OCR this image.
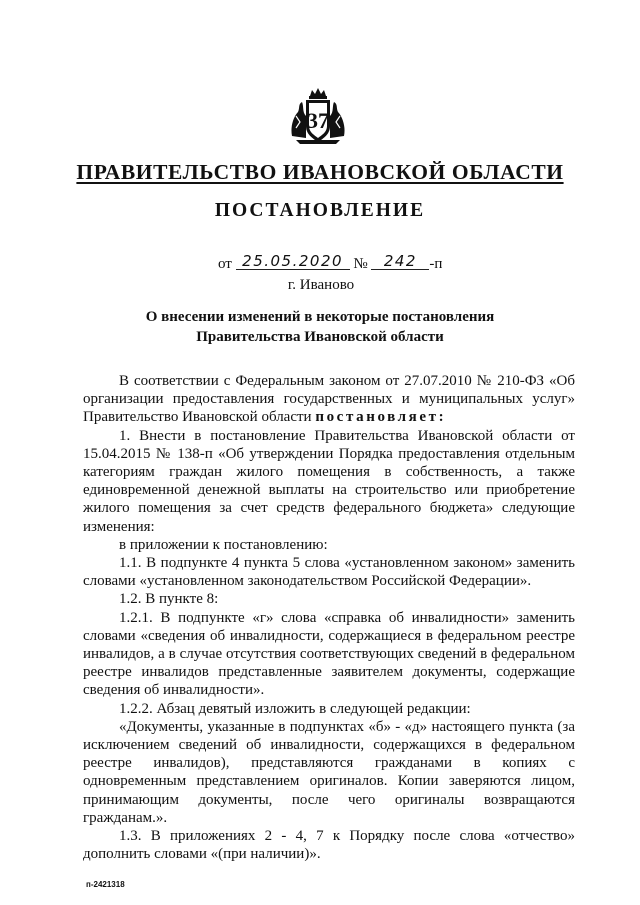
37
ПРАВИТЕЛЬСТВО ИВАНОВСКОЙ ОБЛАСТИ
ПОСТАНОВЛЕНИЕ
от 25.05.2020 № 242 -п
г. Иваново
О внесении изменений в некоторые постановления
Правительства Ивановской области

В соответствии с Федеральным законом от 27.07.2010 № 210-ФЗ «Об организации предоставления государственных и муниципальных услуг» Правительство Ивановской области постановляет:

1. Внести в постановление Правительства Ивановской области от 15.04.2015 № 138-п «Об утверждении Порядка предоставления отдельным категориям граждан жилого помещения в собственность, а также единовременной денежной выплаты на строительство или приобретение жилого помещения за счет средств федерального бюджета» следующие изменения:

в приложении к постановлению:

1.1. В подпункте 4 пункта 5 слова «установленном законом» заменить словами «установленном законодательством Российской Федерации».

1.2. В пункте 8:

1.2.1. В подпункте «г» слова «справка об инвалидности» заменить словами «сведения об инвалидности, содержащиеся в федеральном реестре инвалидов, а в случае отсутствия соответствующих сведений в федеральном реестре инвалидов представленные заявителем документы, содержащие сведения об инвалидности».

1.2.2. Абзац девятый изложить в следующей редакции:

«Документы, указанные в подпунктах «б» - «д» настоящего пункта (за исключением сведений об инвалидности, содержащихся в федеральном реестре инвалидов), представляются гражданами в копиях с одновременным представлением оригиналов. Копии заверяются лицом, принимающим документы, после чего оригиналы возвращаются гражданам.».

1.3. В приложениях 2 - 4, 7 к Порядку после слова «отчество» дополнить словами «(при наличии)».

п-2421318
